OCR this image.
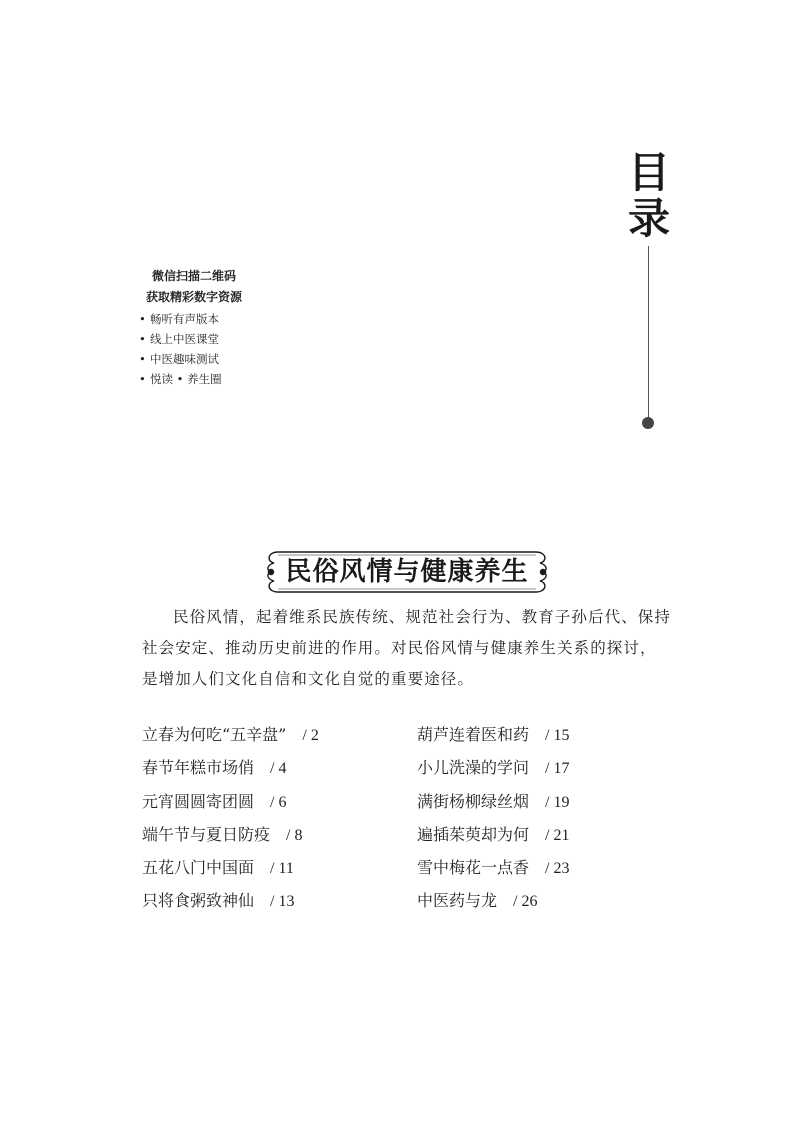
目
录
微信扫描二维码
获取精彩数字资源
• 畅听有声版本
• 线上中医课堂
• 中医趣味测试
• 悦读 • 养生圈
民俗风情与健康养生
民俗风情，起着维系民族传统、规范社会行为、教育子孙后代、保持社会安定、推动历史前进的作用。对民俗风情与健康养生关系的探讨，是增加人们文化自信和文化自觉的重要途径。
立春为何吃“五辛盘” / 2
春节年糕市场俏 / 4
元宵圆圆寄团圆 / 6
端午节与夏日防疫 / 8
五花八门中国面 / 11
只将食粥致神仙 / 13
葫芦连着医和药 / 15
小儿洗澡的学问 / 17
满街杨柳绿丝烟 / 19
遍插茱萸却为何 / 21
雪中梅花一点香 / 23
中医药与龙 / 26
